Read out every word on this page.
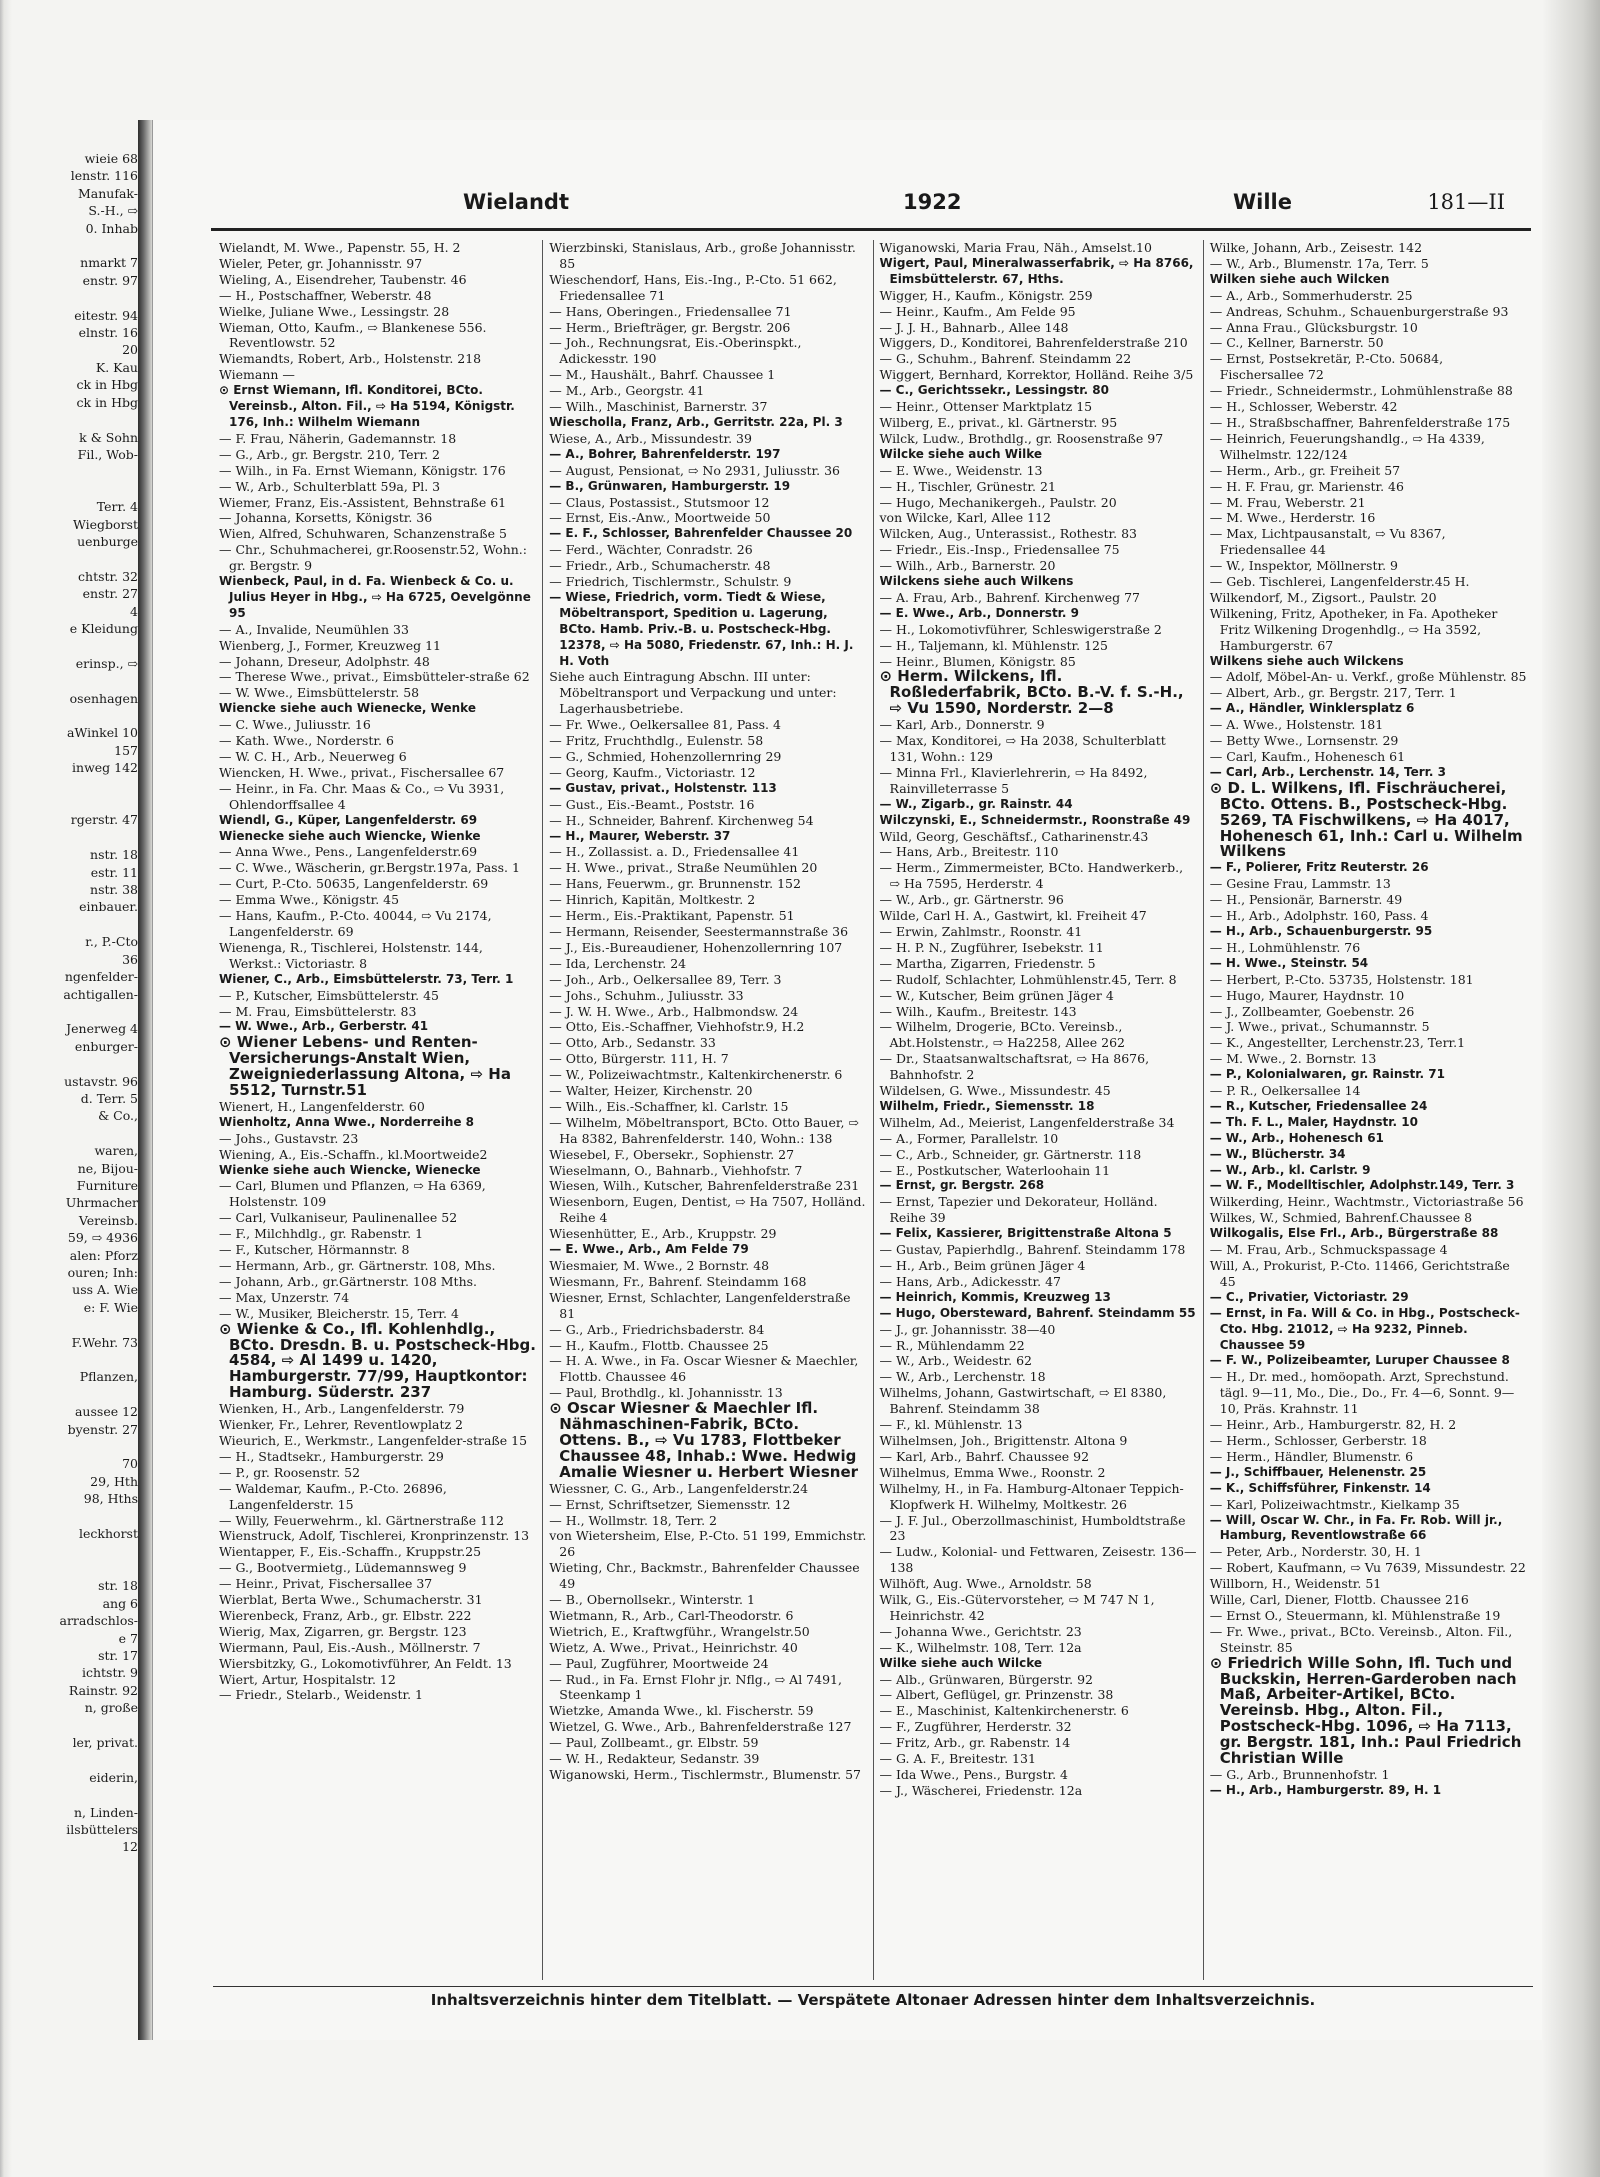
wieie 68
lenstr. 116
Manufak-
S.-H., ⇨
0. Inhab

nmarkt 7
enstr. 97

eitestr. 94
elnstr. 16
20
K. Kau
ck in Hbg
ck in Hbg

k & Sohn
Fil., Wob-

Terr. 4
Wiegborst
uenburge

chtstr. 32
enstr. 27
4
e Kleidung

erinsp., ⇨

osenhagen

aWinkel 10
157
inweg 142

rgerstr. 47

nstr. 18
estr. 11
nstr. 38
einbauer.

r., P.-Cto
36
ngenfelder-
achtigallen-

Jenerweg 4
enburger-

ustavstr. 96
d. Terr. 5
& Co.,

waren,
ne, Bijou-
Furniture
Uhrmacher
Vereinsb.
59, ⇨ 4936
alen: Pforz
ouren; Inh:
uss A. Wie
e: F. Wie

F.Wehr. 73

Pflanzen,

aussee 12
byenstr. 27

70
29, Hth
98, Hths

leckhorst

str. 18
ang 6
arradschlos-
e 7
str. 17
ichtstr. 9
Rainstr. 92
n, große

ler, privat.

eiderin,

n, Linden-
ilsbüttelers
12
Wielandt	1922	Wille	181—II
Wielandt, M. Wwe., Papenstr. 55, H. 2
Wieler, Peter, gr. Johannisstr. 97
Wieling, A., Eisendreher, Taubenstr. 46
— H., Postschaffner, Weberstr. 48
Wielke, Juliane Wwe., Lessingstr. 28
Wieman, Otto, Kaufm., ⇨ Blankenese 556. Reventlowstr. 52
Wiemandts, Robert, Arb., Holstenstr. 218
Wiemann —
⊙ Ernst Wiemann, Ifl. Konditorei, BCto. Vereinsb., Alton. Fil., ⇨ Ha 5194, Königstr. 176, Inh.: Wilhelm Wiemann
— F. Frau, Näherin, Gademannstr. 18
— G., Arb., gr. Bergstr. 210, Terr. 2
— Wilh., in Fa. Ernst Wiemann, Königstr. 176
— W., Arb., Schulterblatt 59a, Pl. 3
Wiemer, Franz, Eis.-Assistent, Behnstraße 61
— Johanna, Korsetts, Königstr. 36
Wien, Alfred, Schuhwaren, Schanzenstraße 5
— Chr., Schuhmacherei, gr.Roosenstr.52, Wohn.: gr. Bergstr. 9
Wienbeck, Paul, in d. Fa. Wienbeck & Co. u. Julius Heyer in Hbg., ⇨ Ha 6725, Oevelgönne 95
— A., Invalide, Neumühlen 33
Wienberg, J., Former, Kreuzweg 11
— Johann, Dreseur, Adolphstr. 48
— Therese Wwe., privat., Eimsbütteler-straße 62
— W. Wwe., Eimsbüttelerstr. 58
Wiencke siehe auch Wienecke, Wenke
— C. Wwe., Juliusstr. 16
— Kath. Wwe., Norderstr. 6
— W. C. H., Arb., Neuerweg 6
Wiencken, H. Wwe., privat., Fischersallee 67
— Heinr., in Fa. Chr. Maas & Co., ⇨ Vu 3931, Ohlendorffsallee 4
Wiendl, G., Küper, Langenfelderstr. 69
Wienecke siehe auch Wiencke, Wienke
— Anna Wwe., Pens., Langenfelderstr.69
— C. Wwe., Wäscherin, gr.Bergstr.197a, Pass. 1
— Curt, P.-Cto. 50635, Langenfelderstr. 69
— Emma Wwe., Königstr. 45
— Hans, Kaufm., P.-Cto. 40044, ⇨ Vu 2174, Langenfelderstr. 69
Wienenga, R., Tischlerei, Holstenstr. 144, Werkst.: Victoriastr. 8
Wiener, C., Arb., Eimsbüttelerstr. 73, Terr. 1
— P., Kutscher, Eimsbüttelerstr. 45
— M. Frau, Eimsbüttelerstr. 83
— W. Wwe., Arb., Gerberstr. 41
⊙ Wiener Lebens- und Renten-Versicherungs-Anstalt Wien, Zweigniederlassung Altona, ⇨ Ha 5512, Turnstr.51
Wienert, H., Langenfelderstr. 60
Wienholtz, Anna Wwe., Norderreihe 8
— Johs., Gustavstr. 23
Wiening, A., Eis.-Schaffn., kl.Moortweide2
Wienke siehe auch Wiencke, Wienecke
— Carl, Blumen und Pflanzen, ⇨ Ha 6369, Holstenstr. 109
— Carl, Vulkaniseur, Paulinenallee 52
— F., Milchhdlg., gr. Rabenstr. 1
— F., Kutscher, Hörmannstr. 8
— Hermann, Arb., gr. Gärtnerstr. 108, Mhs.
— Johann, Arb., gr.Gärtnerstr. 108 Mths.
— Max, Unzerstr. 74
— W., Musiker, Bleicherstr. 15, Terr. 4
⊙ Wienke & Co., Ifl. Kohlenhdlg., BCto. Dresdn. B. u. Postscheck-Hbg. 4584, ⇨ Al 1499 u. 1420, Hamburgerstr. 77/99, Hauptkontor: Hamburg. Süderstr. 237
Wienken, H., Arb., Langenfelderstr. 79
Wienker, Fr., Lehrer, Reventlowplatz 2
Wieurich, E., Werkmstr., Langenfelder-straße 15
— H., Stadtsekr., Hamburgerstr. 29
— P., gr. Roosenstr. 52
— Waldemar, Kaufm., P.-Cto. 26896, Langenfelderstr. 15
— Willy, Feuerwehrm., kl. Gärtnerstraße 112
Wienstruck, Adolf, Tischlerei, Kronprinzenstr. 13
Wientapper, F., Eis.-Schaffn., Kruppstr.25
— G., Bootvermietg., Lüdemannsweg 9
— Heinr., Privat, Fischersallee 37
Wierblat, Berta Wwe., Schumacherstr. 31
Wierenbeck, Franz, Arb., gr. Elbstr. 222
Wierig, Max, Zigarren, gr. Bergstr. 123
Wiermann, Paul, Eis.-Aush., Möllnerstr. 7
Wiersbitzky, G., Lokomotivführer, An Feldt. 13
Wiert, Artur, Hospitalstr. 12
— Friedr., Stelarb., Weidenstr. 1
Wierzbinski, Stanislaus, Arb., große Johannisstr. 85
Wieschendorf, Hans, Eis.-Ing., P.-Cto. 51 662, Friedensallee 71
— Hans, Oberingen., Friedensallee 71
— Herm., Briefträger, gr. Bergstr. 206
— Joh., Rechnungsrat, Eis.-Oberinspkt., Adickesstr. 190
— M., Haushält., Bahrf. Chaussee 1
— M., Arb., Georgstr. 41
— Wilh., Maschinist, Barnerstr. 37
Wieschollа, Franz, Arb., Gerritstr. 22a, Pl. 3
Wiese, A., Arb., Missundestr. 39
— A., Bohrer, Bahrenfelderstr. 197
— August, Pensionat, ⇨ No 2931, Juliusstr. 36
— B., Grünwaren, Hamburgerstr. 19
— Claus, Postassist., Stutsmoor 12
— Ernst, Eis.-Anw., Moortweide 50
— E. F., Schlosser, Bahrenfelder Chaussee 20
— Ferd., Wächter, Conradstr. 26
— Friedr., Arb., Schumacherstr. 48
— Friedrich, Tischlermstr., Schulstr. 9
— Wiese, Friedrich, vorm. Tiedt & Wiese, Möbeltransport, Spedition u. Lagerung, BCto. Hamb. Priv.-B. u. Postscheck-Hbg. 12378, ⇨ Ha 5080, Friedenstr. 67, Inh.: H. J. H. Voth
Siehe auch Eintragung Abschn. III unter: Möbeltransport und Verpackung und unter: Lagerhausbetriebe.
— Fr. Wwe., Oelkersallee 81, Pass. 4
— Fritz, Fruchthdlg., Eulenstr. 58
— G., Schmied, Hohenzollernring 29
— Georg, Kaufm., Victoriastr. 12
— Gustav, privat., Holstenstr. 113
— Gust., Eis.-Beamt., Poststr. 16
— H., Schneider, Bahrenf. Kirchenweg 54
— H., Maurer, Weberstr. 37
— H., Zollassist. a. D., Friedensallee 41
— H. Wwe., privat., Straße Neumühlen 20
— Hans, Feuerwm., gr. Brunnenstr. 152
— Hinrich, Kapitän, Moltkestr. 2
— Herm., Eis.-Praktikant, Papenstr. 51
— Hermann, Reisender, Seestermannstraße 36
— J., Eis.-Bureaudiener, Hohenzollernring 107
— Ida, Lerchenstr. 24
— Joh., Arb., Oelkersallee 89, Terr. 3
— Johs., Schuhm., Juliusstr. 33
— J. W. H. Wwe., Arb., Halbmondsw. 24
— Otto, Eis.-Schaffner, Viehhofstr.9, H.2
— Otto, Arb., Sedanstr. 33
— Otto, Bürgerstr. 111, H. 7
— W., Polizeiwachtmstr., Kaltenkirchenerstr. 6
— Walter, Heizer, Kirchenstr. 20
— Wilh., Eis.-Schaffner, kl. Carlstr. 15
— Wilhelm, Möbeltransport, BCto. Otto Bauer, ⇨ Ha 8382, Bahrenfelderstr. 140, Wohn.: 138
Wiesebel, F., Obersekr., Sophienstr. 27
Wieselmann, O., Bahnarb., Viehhofstr. 7
Wiesen, Wilh., Kutscher, Bahrenfelderstraße 231
Wiesenborn, Eugen, Dentist, ⇨ Ha 7507, Holländ. Reihe 4
Wiesenhütter, E., Arb., Kruppstr. 29
— E. Wwe., Arb., Am Felde 79
Wiesmaier, M. Wwe., 2 Bornstr. 48
Wiesmann, Fr., Bahrenf. Steindamm 168
Wiesner, Ernst, Schlachter, Langenfelderstraße 81
— G., Arb., Friedrichsbaderstr. 84
— H., Kaufm., Flottb. Chaussee 25
— H. A. Wwe., in Fa. Oscar Wiesner & Maechler, Flottb. Chaussee 46
— Paul, Brothdlg., kl. Johannisstr. 13
⊙ Oscar Wiesner & Maechler Ifl. Nähmaschinen-Fabrik, BCto. Ottens. B., ⇨ Vu 1783, Flottbeker Chaussee 48, Inhab.: Wwe. Hedwig Amalie Wiesner u. Herbert Wiesner
Wiessner, C. G., Arb., Langenfelderstr.24
— Ernst, Schriftsetzer, Siemensstr. 12
— H., Wollmstr. 18, Terr. 2
von Wietersheim, Else, P.-Cto. 51 199, Emmichstr. 26
Wieting, Chr., Backmstr., Bahrenfelder Chaussee 49
— B., Obernollsekr., Winterstr. 1
Wietmann, R., Arb., Carl-Theodorstr. 6
Wietrich, E., Kraftwgführ., Wrangelstr.50
Wietz, A. Wwe., Privat., Heinrichstr. 40
— Paul, Zugführer, Moortweide 24
— Rud., in Fa. Ernst Flohr jr. Nflg., ⇨ Al 7491, Steenkamp 1
Wietzke, Amanda Wwe., kl. Fischerstr. 59
Wietzel, G. Wwe., Arb., Bahrenfelderstraße 127
— Paul, Zollbeamt., gr. Elbstr. 59
— W. H., Redakteur, Sedanstr. 39
Wiganowski, Herm., Tischlermstr., Blumenstr. 57
Wiganowski, Maria Frau, Näh., Amselst.10
Wigert, Paul, Mineralwasserfabrik, ⇨ Ha 8766, Eimsbüttelerstr. 67, Hths.
Wigger, H., Kaufm., Königstr. 259
— Heinr., Kaufm., Am Felde 95
— J. J. H., Bahnarb., Allee 148
Wiggers, D., Konditorei, Bahrenfelderstraße 210
— G., Schuhm., Bahrenf. Steindamm 22
Wiggert, Bernhard, Korrektor, Holländ. Reihe 3/5
— C., Gerichtssekr., Lessingstr. 80
— Heinr., Ottenser Marktplatz 15
Wilberg, E., privat., kl. Gärtnerstr. 95
Wilck, Ludw., Brothdlg., gr. Roosenstraße 97
Wilcke siehe auch Wilke
— E. Wwe., Weidenstr. 13
— H., Tischler, Grünestr. 21
— Hugo, Mechanikergeh., Paulstr. 20
von Wilcke, Karl, Allee 112
Wilcken, Aug., Unterassist., Rothestr. 83
— Friedr., Eis.-Insp., Friedensallee 75
— Wilh., Arb., Barnerstr. 20
Wilckens siehe auch Wilkens
— A. Frau, Arb., Bahrenf. Kirchenweg 77
— E. Wwe., Arb., Donnerstr. 9
— H., Lokomotivführer, Schleswigerstraße 2
— H., Taljemann, kl. Mühlenstr. 125
— Heinr., Blumen, Königstr. 85
⊙ Herm. Wilckens, Ifl. Roßlederfabrik, BCto. B.-V. f. S.-H., ⇨ Vu 1590, Norderstr. 2—8
— Karl, Arb., Donnerstr. 9
— Max, Konditorei, ⇨ Ha 2038, Schulterblatt 131, Wohn.: 129
— Minna Frl., Klavierlehrerin, ⇨ Ha 8492, Rainvilleterrasse 5
— W., Zigarb., gr. Rainstr. 44
Wilczynski, E., Schneidermstr., Roonstraße 49
Wild, Georg, Geschäftsf., Catharinenstr.43
— Hans, Arb., Breitestr. 110
— Herm., Zimmermeister, BCto. Handwerkerb., ⇨ Ha 7595, Herderstr. 4
— W., Arb., gr. Gärtnerstr. 96
Wilde, Carl H. A., Gastwirt, kl. Freiheit 47
— Erwin, Zahlmstr., Roonstr. 41
— H. P. N., Zugführer, Isebekstr. 11
— Martha, Zigarren, Friedenstr. 5
— Rudolf, Schlachter, Lohmühlenstr.45, Terr. 8
— W., Kutscher, Beim grünen Jäger 4
— Wilh., Kaufm., Breitestr. 143
— Wilhelm, Drogerie, BCto. Vereinsb., Abt.Holstenstr., ⇨ Ha2258, Allee 262
— Dr., Staatsanwaltschaftsrat, ⇨ Ha 8676, Bahnhofstr. 2
Wildelsen, G. Wwe., Missundestr. 45
Wilhelm, Friedr., Siemensstr. 18
Wilhelm, Ad., Meierist, Langenfelderstraße 34
— A., Former, Parallelstr. 10
— C., Arb., Schneider, gr. Gärtnerstr. 118
— E., Postkutscher, Waterloohain 11
— Ernst, gr. Bergstr. 268
— Ernst, Tapezier und Dekorateur, Holländ. Reihe 39
— Felix, Kassierer, Brigittenstraße Altona 5
— Gustav, Papierhdlg., Bahrenf. Steindamm 178
— H., Arb., Beim grünen Jäger 4
— Hans, Arb., Adickesstr. 47
— Heinrich, Kommis, Kreuzweg 13
— Hugo, Obersteward, Bahrenf. Steindamm 55
— J., gr. Johannisstr. 38—40
— R., Mühlendamm 22
— W., Arb., Weidestr. 62
— W., Arb., Lerchenstr. 18
Wilhelms, Johann, Gastwirtschaft, ⇨ El 8380, Bahrenf. Steindamm 38
— F., kl. Mühlenstr. 13
Wilhelmsen, Joh., Brigittenstr. Altona 9
— Karl, Arb., Bahrf. Chaussee 92
Wilhelmus, Emma Wwe., Roonstr. 2
Wilhelmy, H., in Fa. Hamburg-Altonaer Teppich-Klopfwerk H. Wilhelmy, Moltkestr. 26
— J. F. Jul., Oberzollmaschinist, Humboldtstraße 23
— Ludw., Kolonial- und Fettwaren, Zeisestr. 136—138
Wilhöft, Aug. Wwe., Arnoldstr. 58
Wilk, G., Eis.-Gütervorsteher, ⇨ M 747 N 1, Heinrichstr. 42
— Johanna Wwe., Gerichtstr. 23
— K., Wilhelmstr. 108, Terr. 12a
Wilke siehe auch Wilcke
— Alb., Grünwaren, Bürgerstr. 92
— Albert, Geflügel, gr. Prinzenstr. 38
— E., Maschinist, Kaltenkirchenerstr. 6
— F., Zugführer, Herderstr. 32
— Fritz, Arb., gr. Rabenstr. 14
— G. A. F., Breitestr. 131
— Ida Wwe., Pens., Burgstr. 4
— J., Wäscherei, Friedenstr. 12a
Wilke, Johann, Arb., Zeisestr. 142
— W., Arb., Blumenstr. 17a, Terr. 5
Wilken siehe auch Wilcken
— A., Arb., Sommerhuderstr. 25
— Andreas, Schuhm., Schauenburgerstraße 93
— Anna Frau., Glücksburgstr. 10
— C., Kellner, Barnerstr. 50
— Ernst, Postsekretär, P.-Cto. 50684, Fischersallee 72
— Friedr., Schneidermstr., Lohmühlenstraße 88
— H., Schlosser, Weberstr. 42
— H., Straßbschaffner, Bahrenfelderstraße 175
— Heinrich, Feuerungshandlg., ⇨ Ha 4339, Wilhelmstr. 122/124
— Herm., Arb., gr. Freiheit 57
— H. F. Frau, gr. Marienstr. 46
— M. Frau, Weberstr. 21
— M. Wwe., Herderstr. 16
— Max, Lichtpausanstalt, ⇨ Vu 8367, Friedensallee 44
— W., Inspektor, Möllnerstr. 9
— Geb. Tischlerei, Langenfelderstr.45 H.
Wilkendorf, M., Zigsort., Paulstr. 20
Wilkening, Fritz, Apotheker, in Fa. Apotheker Fritz Wilkening Drogenhdlg., ⇨ Ha 3592, Hamburgerstr. 67
Wilkens siehe auch Wilckens
— Adolf, Möbel-An- u. Verkf., große Mühlenstr. 85
— Albert, Arb., gr. Bergstr. 217, Terr. 1
— A., Händler, Winklersplatz 6
— A. Wwe., Holstenstr. 181
— Betty Wwe., Lornsenstr. 29
— Carl, Kaufm., Hohenesch 61
— Carl, Arb., Lerchenstr. 14, Terr. 3
⊙ D. L. Wilkens, Ifl. Fischräucherei, BCto. Ottens. B., Postscheck-Hbg. 5269, TA Fischwilkens, ⇨ Ha 4017, Hohenesch 61, Inh.: Carl u. Wilhelm Wilkens
— F., Polierer, Fritz Reuterstr. 26
— Gesine Frau, Lammstr. 13
— H., Pensionär, Barnerstr. 49
— H., Arb., Adolphstr. 160, Pass. 4
— H., Arb., Schauenburgerstr. 95
— H., Lohmühlenstr. 76
— H. Wwe., Steinstr. 54
— Herbert, P.-Cto. 53735, Holstenstr. 181
— Hugo, Maurer, Haydnstr. 10
— J., Zollbeamter, Goebenstr. 26
— J. Wwe., privat., Schumannstr. 5
— K., Angestellter, Lerchenstr.23, Terr.1
— M. Wwe., 2. Bornstr. 13
— P., Kolonialwaren, gr. Rainstr. 71
— P. R., Oelkersallee 14
— R., Kutscher, Friedensallee 24
— Th. F. L., Maler, Haydnstr. 10
— W., Arb., Hohenesch 61
— W., Blücherstr. 34
— W., Arb., kl. Carlstr. 9
— W. F., Modelltischler, Adolphstr.149, Terr. 3
Wilkerding, Heinr., Wachtmstr., Victoriastraße 56
Wilkes, W., Schmied, Bahrenf.Chaussee 8
Wilkogalis, Else Frl., Arb., Bürgerstraße 88
— M. Frau, Arb., Schmuckspassage 4
Will, A., Prokurist, P.-Cto. 11466, Gerichtstraße 45
— C., Privatier, Victoriastr. 29
— Ernst, in Fa. Will & Co. in Hbg., Postscheck-Cto. Hbg. 21012, ⇨ Ha 9232, Pinneb. Chaussee 59
— F. W., Polizeibeamter, Luruper Chaussee 8
— H., Dr. med., homöopath. Arzt, Sprechstund. tägl. 9—11, Mo., Die., Do., Fr. 4—6, Sonnt. 9—10, Präs. Krahnstr. 11
— Heinr., Arb., Hamburgerstr. 82, H. 2
— Herm., Schlosser, Gerberstr. 18
— Herm., Händler, Blumenstr. 6
— J., Schiffbauer, Helenenstr. 25
— K., Schiffsführer, Finkenstr. 14
— Karl, Polizeiwachtmstr., Kielkamp 35
— Will, Oscar W. Chr., in Fa. Fr. Rob. Will jr., Hamburg, Reventlowstraße 66
— Peter, Arb., Norderstr. 30, H. 1
— Robert, Kaufmann, ⇨ Vu 7639, Missundestr. 22
Willborn, H., Weidenstr. 51
Wille, Carl, Diener, Flottb. Chaussee 216
— Ernst O., Steuermann, kl. Mühlenstraße 19
— Fr. Wwe., privat., BCto. Vereinsb., Alton. Fil., Steinstr. 85
⊙ Friedrich Wille Sohn, Ifl. Tuch und Buckskin, Herren-Garderoben nach Maß, Arbeiter-Artikel, BCto. Vereinsb. Hbg., Alton. Fil., Postscheck-Hbg. 1096, ⇨ Ha 7113, gr. Bergstr. 181, Inh.: Paul Friedrich Christian Wille
— G., Arb., Brunnenhofstr. 1
— H., Arb., Hamburgerstr. 89, H. 1
Inhaltsverzeichnis hinter dem Titelblatt. — Verspätete Altonaer Adressen hinter dem Inhaltsverzeichnis.
